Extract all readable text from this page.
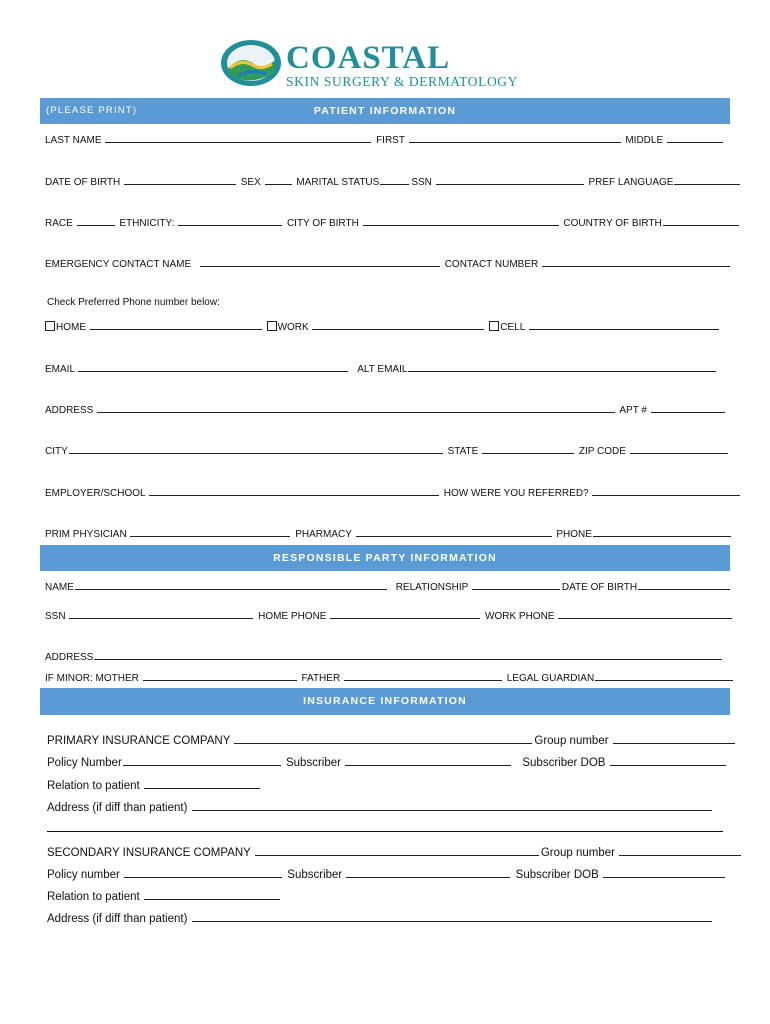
COASTAL
SKIN SURGERY & DERMATOLOGY
(PLEASE PRINT)	PATIENT INFORMATION
LAST NAME	FIRST	MIDDLE
DATE OF BIRTH	SEX	MARITAL STATUS	SSN	PREF LANGUAGE
RACE	ETHNICITY:	CITY OF BIRTH	COUNTRY OF BIRTH
EMERGENCY CONTACT NAME	CONTACT NUMBER
Check Preferred Phone number below:
HOME	WORK	CELL
EMAIL	ALT EMAIL
ADDRESS	APT #
CITY	STATE	ZIP CODE
EMPLOYER/SCHOOL	HOW WERE YOU REFERRED?
PRIM PHYSICIAN	PHARMACY	PHONE
RESPONSIBLE PARTY INFORMATION
NAME	RELATIONSHIP	DATE OF BIRTH
SSN	HOME PHONE	WORK PHONE
ADDRESS
IF MINOR: MOTHER	FATHER	LEGAL GUARDIAN
INSURANCE INFORMATION
PRIMARY INSURANCE COMPANY	Group number
Policy Number	Subscriber	Subscriber DOB
Relation to patient
Address (if diff than patient)
SECONDARY INSURANCE COMPANY	Group number
Policy number	Subscriber	Subscriber DOB
Relation to patient
Address (if diff than patient)
